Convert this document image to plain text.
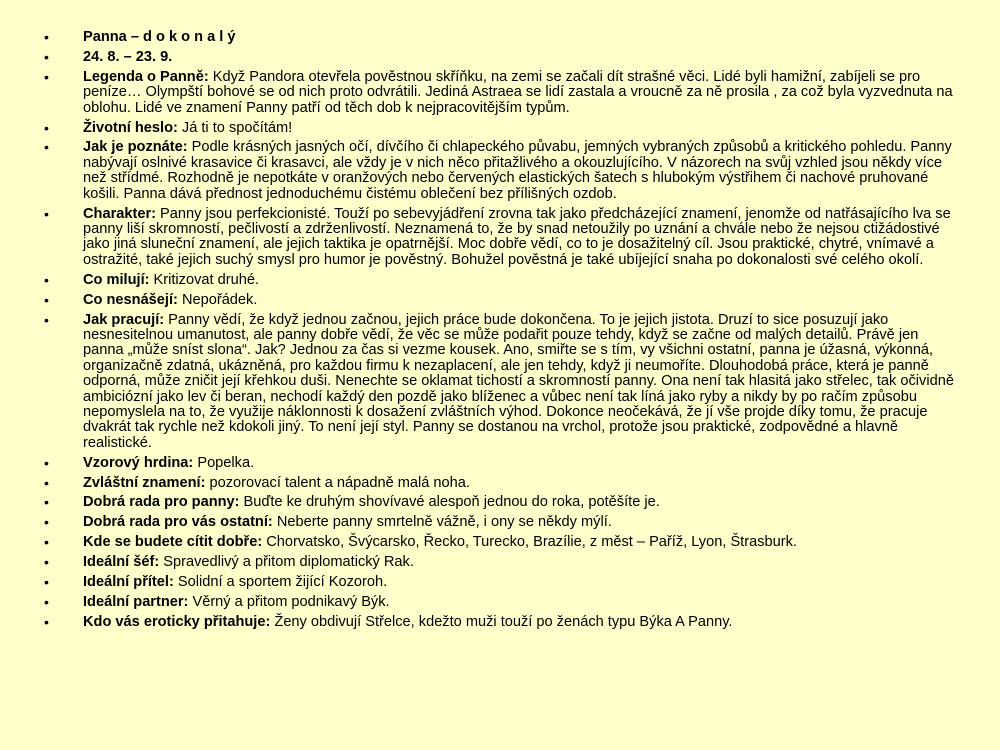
• Panna – d o k o n a l ý
• 24. 8. – 23. 9.
• Legenda o Panně: Když Pandora otevřela pověstnou skříňku, na zemi se začali dít strašné věci. Lidé byli hamižní, zabíjeli se pro peníze… Olympští bohové se od nich proto odvrátili. Jediná Astraea se lidí zastala a vroucně za ně prosila , za což byla vyzvednuta na oblohu. Lidé ve znamení Panny patří od těch dob k nejpracovitějším typům.
• Životní heslo: Já ti to spočítám!
• Jak je poznáte: Podle krásných jasných očí, dívčího či chlapeckého půvabu, jemných vybraných způsobů a kritického pohledu. Panny nabývají oslnivé krasavice či krasavci, ale vždy je v nich něco přitažlivého a okouzlujícího. V názorech na svůj vzhled jsou někdy více než střídmé. Rozhodně je nepotkáte v oranžových nebo červených elastických šatech s hlubokým výstřihem či nachové pruhované košili. Panna dává přednost jednoduchému čistému oblečení bez přílišných ozdob.
• Charakter: Panny jsou perfekcionisté. Touží po sebevyjádření zrovna tak jako předcházející znamení, jenomže od natřásajícího lva se panny liší skromností, pečlivostí a zdrženlivostí. Neznamená to, že by snad netoužily po uznání a chvále nebo že nejsou ctižádostivé jako jiná sluneční znamení, ale jejich taktika je opatrnější. Moc dobře vědí, co to je dosažitelný cíl. Jsou praktické, chytré, vnímavé a ostražité, také jejich suchý smysl pro humor je pověstný. Bohužel pověstná je také ubíjející snaha po dokonalosti své celého okolí.
• Co milují: Kritizovat druhé.
• Co nesnášejí: Nepořádek.
• Jak pracují: Panny vědí, že když jednou začnou, jejich práce bude dokončena. To je jejich jistota. Druzí to sice posuzují jako nesnesitelnou umanutost, ale panny dobře vědí, že věc se může podařit pouze tehdy, když se začne od malých detailů. Právě jen panna „může sníst slona“. Jak? Jednou za čas si vezme kousek. Ano, smiřte se s tím, vy všichni ostatní, panna je úžasná, výkonná, organizačně zdatná, ukázněná, pro každou firmu k nezaplacení, ale jen tehdy, když ji neumoříte. Dlouhodobá práce, která je panně odporná, může zničit její křehkou duši. Nenechte se oklamat tichostí a skromností panny. Ona není tak hlasitá jako střelec, tak očividně ambiciózní jako lev či beran, nechodí každý den pozdě jako blíženec a vůbec není tak líná jako ryby a nikdy by po račím způsobu nepomyslela na to, že využije náklonnosti k dosažení zvláštních výhod. Dokonce neočekává, že jí vše projde díky tomu, že pracuje dvakrát tak rychle než kdokoli jiný. To není její styl. Panny se dostanou na vrchol, protože jsou praktické, zodpovědné a hlavně realistické.
• Vzorový hrdina: Popelka.
• Zvláštní znamení: pozorovací talent a nápadně malá noha.
• Dobrá rada pro panny: Buďte ke druhým shovívavé alespoň jednou do roka, potěšíte je.
• Dobrá rada pro vás ostatní: Neberte panny smrtelně vážně, i ony se někdy mýlí.
• Kde se budete cítit dobře: Chorvatsko, Švýcarsko, Řecko, Turecko, Brazílie, z měst – Paříž, Lyon, Štrasburk.
• Ideální šéf: Spravedlivý a přitom diplomatický Rak.
• Ideální přítel: Solidní a sportem žijící Kozoroh.
• Ideální partner: Věrný a přitom podnikavý Býk.
• Kdo vás eroticky přitahuje: Ženy obdivují Střelce, kdežto muži touží po ženách typu Býka A Panny.
